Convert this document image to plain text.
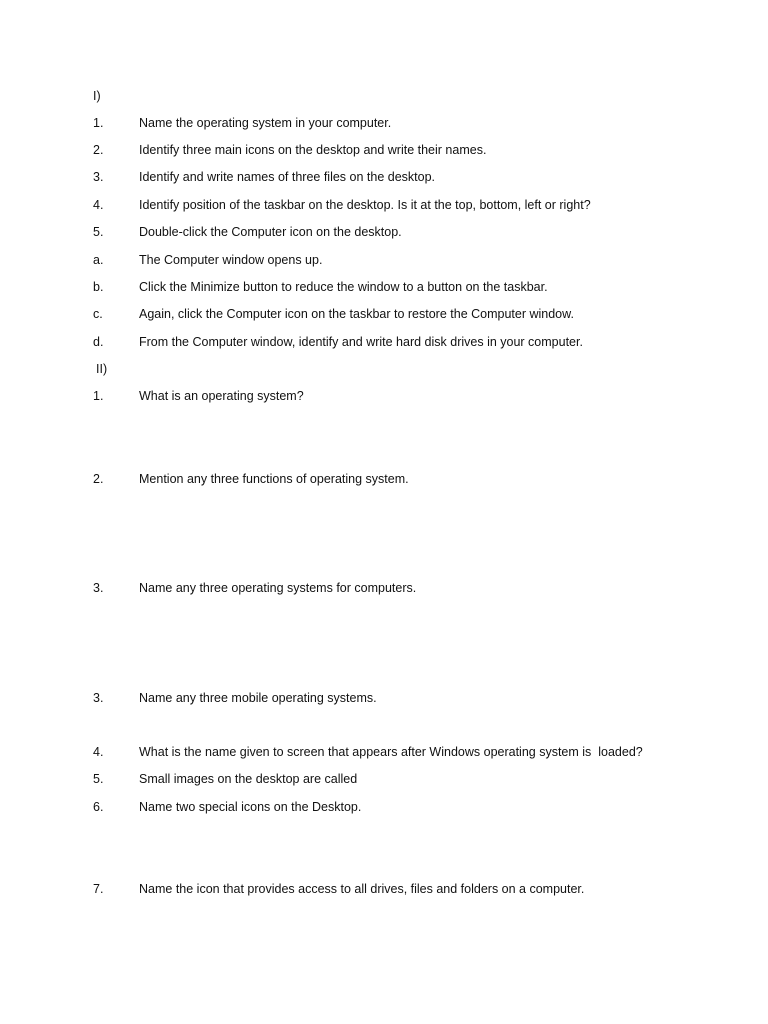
I)
1.	Name the operating system in your computer.
2.	Identify three main icons on the desktop and write their names.
3.	Identify and write names of three files on the desktop.
4.	Identify position of the taskbar on the desktop. Is it at the top, bottom, left or right?
5.	Double-click the Computer icon on the desktop.
a.	The Computer window opens up.
b.	Click the Minimize button to reduce the window to a button on the taskbar.
c.	Again, click the Computer icon on the taskbar to restore the Computer window.
d.	From the Computer window, identify and write hard disk drives in your computer.
II)
1.	What is an operating system?
2.	Mention any three functions of operating system.
3.	Name any three operating systems for computers.
3.	Name any three mobile operating systems.
4.	What is the name given to screen that appears after Windows operating system is  loaded?
5.	Small images on the desktop are called
6.	Name two special icons on the Desktop.
7.	Name the icon that provides access to all drives, files and folders on a computer.
